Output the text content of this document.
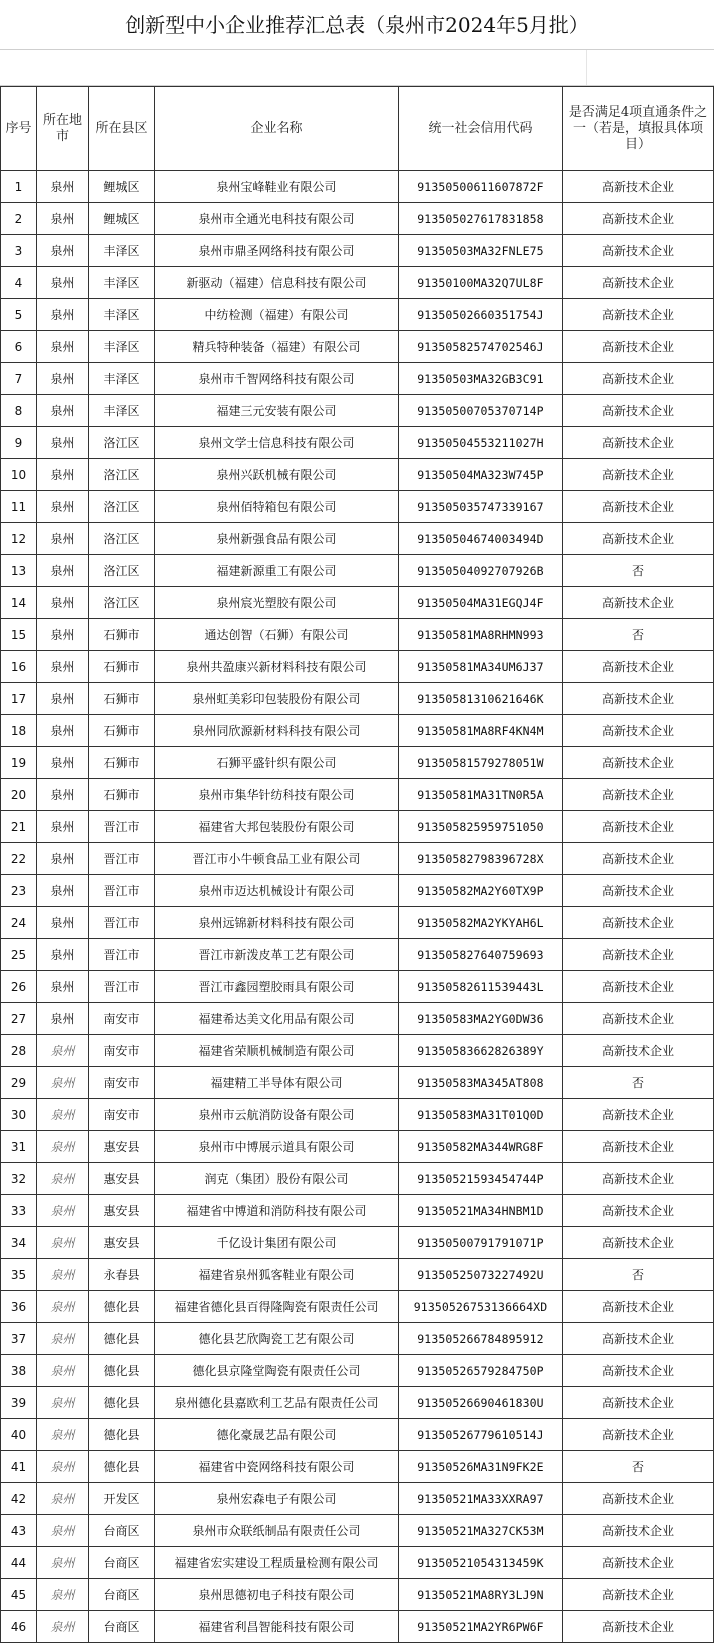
创新型中小企业推荐汇总表（泉州市2024年5月批）
序号	所在地市	所在县区	企业名称	统一社会信用代码	是否满足4项直通条件之一（若是，填报具体项目）
1	泉州	鲤城区	泉州宝峰鞋业有限公司	91350500611607872F	高新技术企业
2	泉州	鲤城区	泉州市全通光电科技有限公司	913505027617831858	高新技术企业
3	泉州	丰泽区	泉州市鼎圣网络科技有限公司	91350503MA32FNLE75	高新技术企业
4	泉州	丰泽区	新驱动（福建）信息科技有限公司	91350100MA32Q7UL8F	高新技术企业
5	泉州	丰泽区	中纺检测（福建）有限公司	913505026603517​54J	高新技术企业
6	泉州	丰泽区	精兵特种装备（福建）有限公司	91350582574702546J	高新技术企业
7	泉州	丰泽区	泉州市千智网络科技有限公司	91350503MA32GB3C91	高新技术企业
8	泉州	丰泽区	福建三元安装有限公司	91350500705370714P	高新技术企业
9	泉州	洛江区	泉州文学士信息科技有限公司	91350504553211027H	高新技术企业
10	泉州	洛江区	泉州兴跃机械有限公司	91350504MA323W745P	高新技术企业
11	泉州	洛江区	泉州佰特箱包有限公司	913505035747339167	高新技术企业
12	泉州	洛江区	泉州新强食品有限公司	91350504674003494D	高新技术企业
13	泉州	洛江区	福建新源重工有限公司	91350504092707926B	否
14	泉州	洛江区	泉州宸光塑胶有限公司	91350504MA31EGQJ4F	高新技术企业
15	泉州	石狮市	通达创智（石狮）有限公司	91350581MA8RHMN993	否
16	泉州	石狮市	泉州共盈康兴新材料科技有限公司	91350581MA34UM6J37	高新技术企业
17	泉州	石狮市	泉州虹美彩印包装股份有限公司	91350581310621646K	高新技术企业
18	泉州	石狮市	泉州同欣源新材料科技有限公司	91350581MA8RF4KN4M	高新技术企业
19	泉州	石狮市	石狮平盛针织有限公司	91350581579278051W	高新技术企业
20	泉州	石狮市	泉州市集华针纺科技有限公司	91350581MA31TN0R5A	高新技术企业
21	泉州	晋江市	福建省大邦包装股份有限公司	913505825959751050	高新技术企业
22	泉州	晋江市	晋江市小牛顿食品工业有限公司	91350582798396728X	高新技术企业
23	泉州	晋江市	泉州市迈达机械设计有限公司	91350582MA2Y60TX9P	高新技术企业
24	泉州	晋江市	泉州远锦新材料科技有限公司	91350582MA2YKYAH6L	高新技术企业
25	泉州	晋江市	晋江市新泼皮革工艺有限公司	913505827640759693	高新技术企业
26	泉州	晋江市	晋江市鑫园塑胶雨具有限公司	91350582611539443L	高新技术企业
27	泉州	南安市	福建希达美文化用品有限公司	91350583MA2YG0DW36	高新技术企业
28	泉州	南安市	福建省荣顺机械制造有限公司	91350583662826389Y	高新技术企业
29	泉州	南安市	福建精工半导体有限公司	91350583MA345AT808	否
30	泉州	南安市	泉州市云航消防设备有限公司	91350583MA31T01Q0D	高新技术企业
31	泉州	惠安县	泉州市中博展示道具有限公司	91350582MA344WRG8F	高新技术企业
32	泉州	惠安县	润克（集团）股份有限公司	91350521593454744P	高新技术企业
33	泉州	惠安县	福建省中博道和消防科技有限公司	91350521MA34HNBM1D	高新技术企业
34	泉州	惠安县	千亿设计集团有限公司	91350500791791071P	高新技术企业
35	泉州	永春县	福建省泉州狐客鞋业有限公司	91350525073227492U	否
36	泉州	德化县	福建省德化县百得隆陶瓷有限责任公司	91350526753136664XD	高新技术企业
37	泉州	德化县	德化县艺欣陶瓷工艺有限公司	913505266784895912	高新技术企业
38	泉州	德化县	德化县京隆堂陶瓷有限责任公司	91350526579284750P	高新技术企业
39	泉州	德化县	泉州德化县嘉欧利工艺品有限责任公司	91350526690461830U	高新技术企业
40	泉州	德化县	德化豪晟艺品有限公司	91350526779610514J	高新技术企业
41	泉州	德化县	福建省中瓷网络科技有限公司	91350526MA31N9FK2E	否
42	泉州	开发区	泉州宏森电子有限公司	91350521MA33XXRA97	高新技术企业
43	泉州	台商区	泉州市众联纸制品有限责任公司	91350521MA327CK53M	高新技术企业
44	泉州	台商区	福建省宏实建设工程质量检测有限公司	91350521054313459K	高新技术企业
45	泉州	台商区	泉州思德初电子科技有限公司	91350521MA8RY3LJ9N	高新技术企业
46	泉州	台商区	福建省利昌智能科技有限公司	91350521MA2YR6PW6F	高新技术企业
